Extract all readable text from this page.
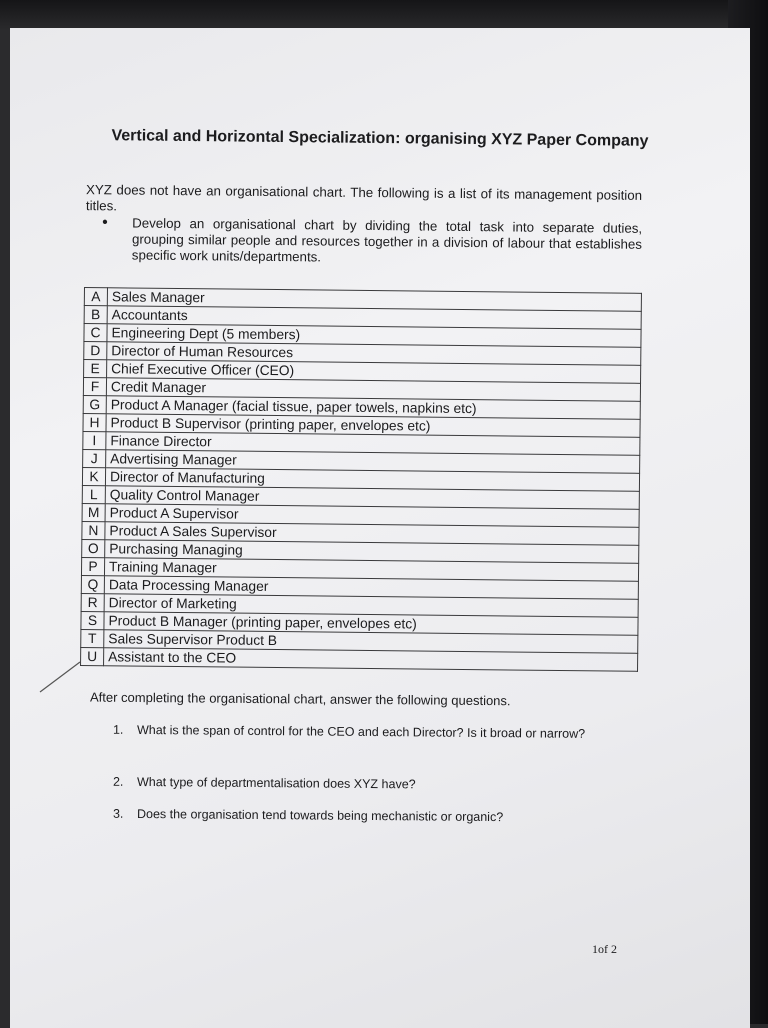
Vertical and Horizontal Specialization: organising XYZ Paper Company
XYZ does not have an organisational chart. The following is a list of its management position titles.
• Develop an organisational chart by dividing the total task into separate duties, grouping similar people and resources together in a division of labour that establishes specific work units/departments.
A	Sales Manager
B	Accountants
C	Engineering Dept (5 members)
D	Director of Human Resources
E	Chief Executive Officer (CEO)
F	Credit Manager
G	Product A Manager (facial tissue, paper towels, napkins etc)
H	Product B Supervisor (printing paper, envelopes etc)
I	Finance Director
J	Advertising Manager
K	Director of Manufacturing
L	Quality Control Manager
M	Product A Supervisor
N	Product A Sales Supervisor
O	Purchasing Managing
P	Training Manager
Q	Data Processing Manager
R	Director of Marketing
S	Product B Manager (printing paper, envelopes etc)
T	Sales Supervisor Product B
U	Assistant to the CEO
After completing the organisational chart, answer the following questions.
1. What is the span of control for the CEO and each Director? Is it broad or narrow?
2. What type of departmentalisation does XYZ have?
3. Does the organisation tend towards being mechanistic or organic?
1of 2
